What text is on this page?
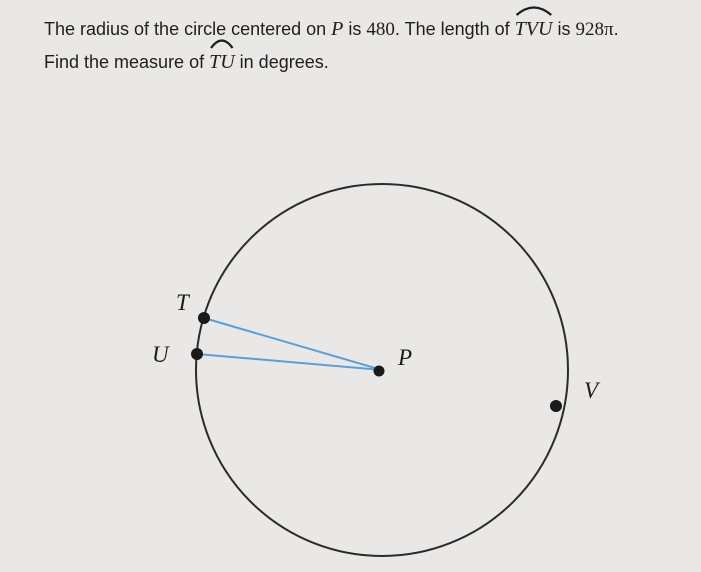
The radius of the circle centered on P is 480. The length of
TVU is 928π.
Find the measure of
TU in degrees.
T
U	P
V
